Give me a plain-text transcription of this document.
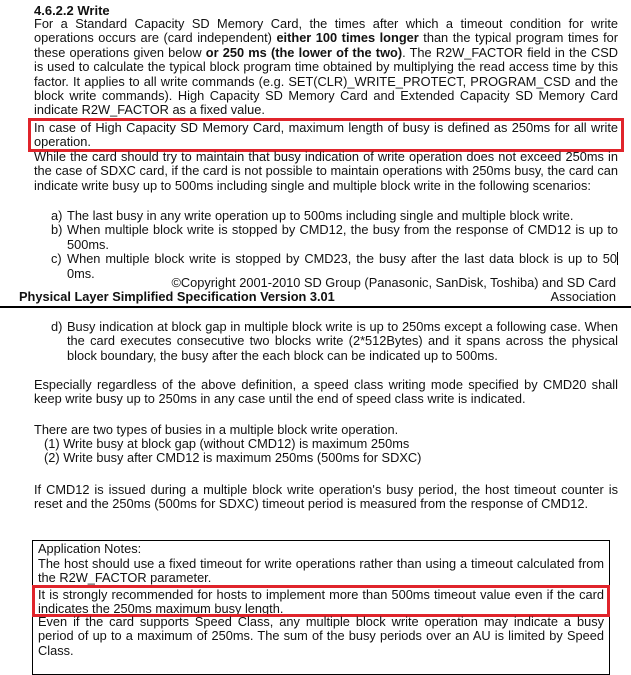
4.6.2.2 Write

For a Standard Capacity SD Memory Card, the times after which a timeout condition for write operations occurs are (card independent) either 100 times longer than the typical program times for these operations given below or 250 ms (the lower of the two). The R2W_FACTOR field in the CSD is used to calculate the typical block program time obtained by multiplying the read access time by this factor. It applies to all write commands (e.g. SET(CLR)_WRITE_PROTECT, PROGRAM_CSD and the block write commands). High Capacity SD Memory Card and Extended Capacity SD Memory Card indicate R2W_FACTOR as a fixed value.

In case of High Capacity SD Memory Card, maximum length of busy is defined as 250ms for all write operation.

While the card should try to maintain that busy indication of write operation does not exceed 250ms in the case of SDXC card, if the card is not possible to maintain operations with 250ms busy, the card can indicate write busy up to 500ms including single and multiple block write in the following scenarios:

a) The last busy in any write operation up to 500ms including single and multiple block write.
b) When multiple block write is stopped by CMD12, the busy from the response of CMD12 is up to 500ms.
c) When multiple block write is stopped by CMD23, the busy after the last data block is up to 500ms.
©Copyright 2001-2010 SD Group (Panasonic, SanDisk, Toshiba) and SD Card Association
Physical Layer Simplified Specification Version 3.01
d) Busy indication at block gap in multiple block write is up to 250ms except a following case. When the card executes consecutive two blocks write (2*512Bytes) and it spans across the physical block boundary, the busy after the each block can be indicated up to 500ms.

Especially regardless of the above definition, a speed class writing mode specified by CMD20 shall keep write busy up to 250ms in any case until the end of speed class write is indicated.

There are two types of busies in a multiple block write operation.

(1) Write busy at block gap (without CMD12) is maximum 250ms
(2) Write busy after CMD12 is maximum 250ms (500ms for SDXC)

If CMD12 is issued during a multiple block write operation's busy period, the host timeout counter is reset and the 250ms (500ms for SDXC) timeout period is measured from the response of CMD12.

Application Notes:

The host should use a fixed timeout for write operations rather than using a timeout calculated from the R2W_FACTOR parameter.

It is strongly recommended for hosts to implement more than 500ms timeout value even if the card indicates the 250ms maximum busy length.

Even if the card supports Speed Class, any multiple block write operation may indicate a busy period of up to a maximum of 250ms. The sum of the busy periods over an AU is limited by Speed Class.
